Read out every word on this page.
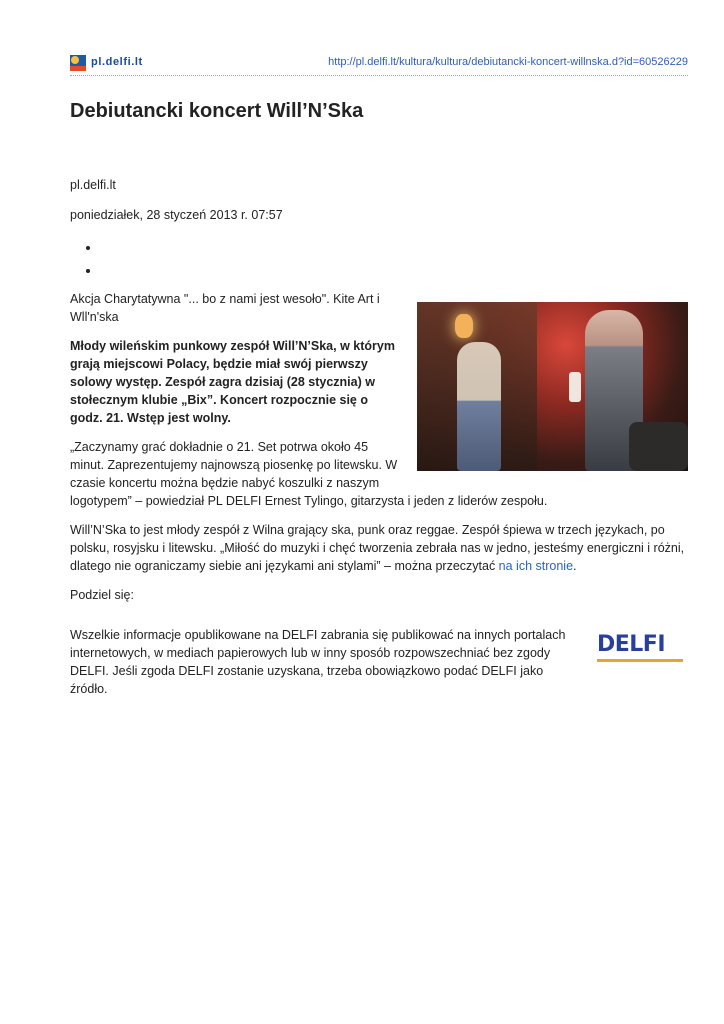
pl.delfi.lt	http://pl.delfi.lt/kultura/kultura/debiutancki-koncert-willnska.d?id=60526229
Debiutancki koncert Will’N’Ska
pl.delfi.lt
poniedziałek, 28 styczeń 2013 r. 07:57

Akcja Charytatywna "... bo z nami jest wesoło". Kite Art i Wll'n'ska

Młody wileńskim punkowy zespół Will’N’Ska, w którym grają miejscowi Polacy, będzie miał swój pierwszy solowy występ. Zespół zagra dzisiaj (28 stycznia) w stołecznym klubie „Bix”. Koncert rozpocznie się o godz. 21. Wstęp jest wolny.

„Zaczynamy grać dokładnie o 21. Set potrwa około 45 minut. Zaprezentujemy najnowszą piosenkę po litewsku. W czasie koncertu można będzie nabyć koszulki z naszym logotypem” – powiedział PL DELFI Ernest Tylingo, gitarzysta i jeden z liderów zespołu.

Will’N’Ska to jest młody zespół z Wilna grający ska, punk oraz reggae. Zespół śpiewa w trzech językach, po polsku, rosyjsku i litewsku. „Miłość do muzyki i chęć tworzenia zebrała nas w jedno, jesteśmy energiczni i różni, dlatego nie ograniczamy siebie ani językami ani stylami” – można przeczytać na ich stronie.

Podziel się:

Wszelkie informacje opublikowane na DELFI zabrania się publikować na innych portalach internetowych, w mediach papierowych lub w inny sposób rozpowszechniać bez zgody DELFI. Jeśli zgoda DELFI zostanie uzyskana, trzeba obowiązkowo podać DELFI jako źródło.
DELFI
